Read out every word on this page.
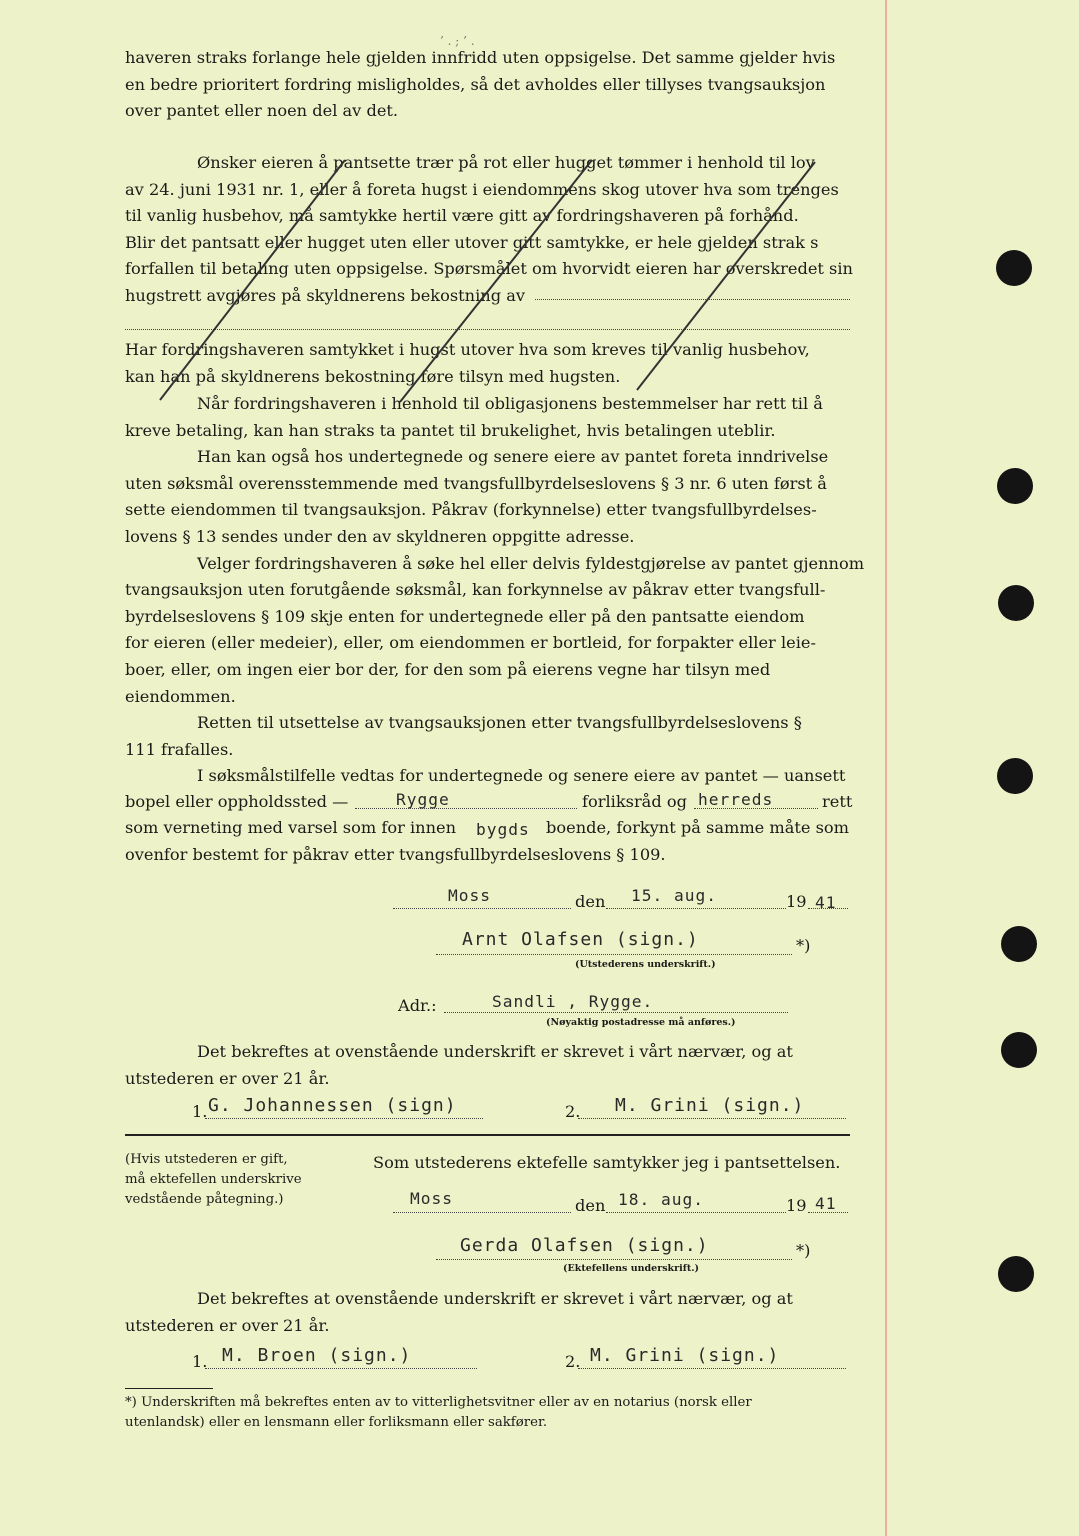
’ . ; ’ .
haveren straks forlange hele gjelden innfridd uten oppsigelse. Det samme gjelder hvis
en bedre prioritert fordring misligholdes, så det avholdes eller tillyses tvangsauksjon
over pantet eller noen del av det.
Ønsker eieren å pantsette trær på rot eller hugget tømmer i henhold til lov
av 24. juni 1931 nr. 1, eller å foreta hugst i eiendommens skog utover hva som trenges
til vanlig husbehov, må samtykke hertil være gitt av fordringshaveren på forhånd.
Blir det pantsatt eller hugget uten eller utover gitt samtykke, er hele gjelden strak s
forfallen til betaling uten oppsigelse. Spørsmålet om hvorvidt eieren har overskredet sin
hugstrett avgjøres på skyldnerens bekostning av
Har fordringshaveren samtykket i hugst utover hva som kreves til vanlig husbehov,
kan han på skyldnerens bekostning føre tilsyn med hugsten.
Når fordringshaveren i henhold til obligasjonens bestemmelser har rett til å
kreve betaling, kan han straks ta pantet til brukelighet, hvis betalingen uteblir.
Han kan også hos undertegnede og senere eiere av pantet foreta inndrivelse
uten søksmål overensstemmende med tvangsfullbyrdelseslovens § 3 nr. 6 uten først å
sette eiendommen til tvangsauksjon. Påkrav (forkynnelse) etter tvangsfullbyrdelses‑
lovens § 13 sendes under den av skyldneren oppgitte adresse.
Velger fordringshaveren å søke hel eller delvis fyldestgjørelse av pantet gjennom
tvangsauksjon uten forutgående søksmål, kan forkynnelse av påkrav etter tvangsfull‑
byrdelseslovens § 109 skje enten for undertegnede eller på den pantsatte eiendom
for eieren (eller medeier), eller, om eiendommen er bortleid, for forpakter eller leie‑
boer, eller, om ingen eier bor der, for den som på eierens vegne har tilsyn med
eiendommen.
Retten til utsettelse av tvangsauksjonen etter tvangsfullbyrdelseslovens §
111 frafalles.
I søksmålstilfelle vedtas for undertegnede og senere eiere av pantet — uansett
bopel eller oppholdssted —	Rygge	forliksråd og herreds	rett
som verneting med varsel som for innen bygds boende, forkynt på samme måte som
ovenfor bestemt for påkrav etter tvangsfullbyrdelseslovens § 109.
Moss	den 15. aug.	19 41
Arnt Olafsen (sign.)	*)
(Utstederens underskrift.)
Adr.:	Sandli , Rygge.
(Nøyaktig postadresse må anføres.)
Det bekreftes at ovenstående underskrift er skrevet i vårt nærvær, og at
utstederen er over 21 år.
1. G. Johannessen (sign)	2. M. Grini (sign.)
(Hvis utstederen er gift,
må ektefellen underskrive
vedstående påtegning.)
Som utstederens ektefelle samtykker jeg i pantsettelsen.
Moss	den 18. aug.	19 41
Gerda Olafsen (sign.)	*)
(Ektefellens underskrift.)
Det bekreftes at ovenstående underskrift er skrevet i vårt nærvær, og at
utstederen er over 21 år.
1. M. Broen (sign.)	2. M. Grini (sign.)
*) Underskriften må bekreftes enten av to vitterlighetsvitner eller av en notarius (norsk eller
utenlandsk) eller en lensmann eller forliksmann eller sakfører.
